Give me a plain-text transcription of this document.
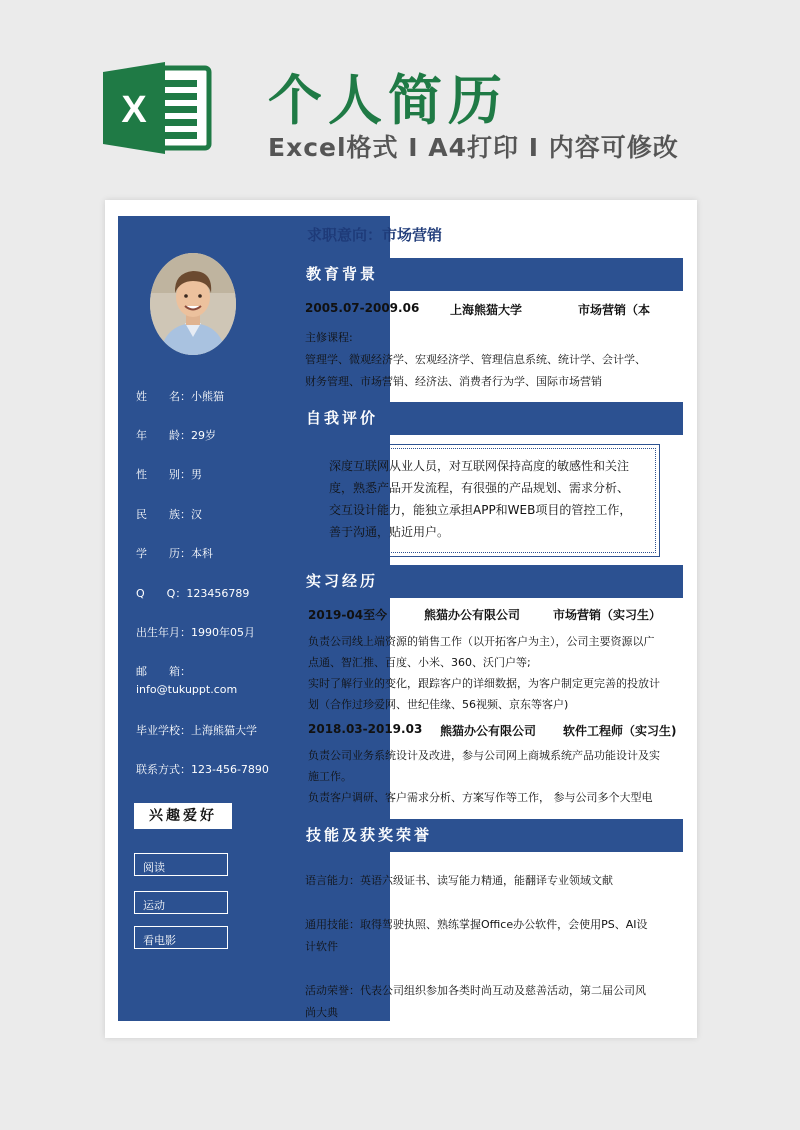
X 个人简历
Excel格式 I A4打印 I 内容可修改
姓　　名：小熊猫
年　　龄：29岁
性　　别：男
民　　族：汉
学　　历：本科
Q　　Q：123456789
出生年月：1990年05月
邮　　箱：
info@tukuppt.com
毕业学校：上海熊猫大学
联系方式：123-456-7890
兴趣爱好
阅读
运动
看电影
求职意向：市场营销
教育背景
2005.07-2009.06	上海熊猫大学	市场营销（本
主修课程:
管理学、微观经济学、宏观经济学、管理信息系统、统计学、会计学、
财务管理、市场营销、经济法、消费者行为学、国际市场营销
自我评价
深度互联网从业人员，对互联网保持高度的敏感性和关注
度，熟悉产品开发流程，有很强的产品规划、需求分析、
交互设计能力，能独立承担APP和WEB项目的管控工作，
善于沟通，贴近用户。
实习经历
2019-04至今	熊猫办公有限公司	市场营销（实习生）
负责公司线上端资源的销售工作（以开拓客户为主），公司主要资源以广
点通、智汇推、百度、小米、360、沃门户等;
实时了解行业的变化，跟踪客户的详细数据，为客户制定更完善的投放计
划（合作过珍爱网、世纪佳缘、56视频、京东等客户)
2018.03-2019.03 熊猫办公有限公司 软件工程师（实习生)
负责公司业务系统设计及改进，参与公司网上商城系统产品功能设计及实
施工作。
负责客户调研、客户需求分析、方案写作等工作， 参与公司多个大型电
技能及获奖荣誉
语言能力：英语六级证书、读写能力精通，能翻译专业领域文献
通用技能：取得驾驶执照、熟练掌握Office办公软件，会使用PS、AI设
计软件
活动荣誉：代表公司组织参加各类时尚互动及慈善活动，第二届公司风
尚大典
